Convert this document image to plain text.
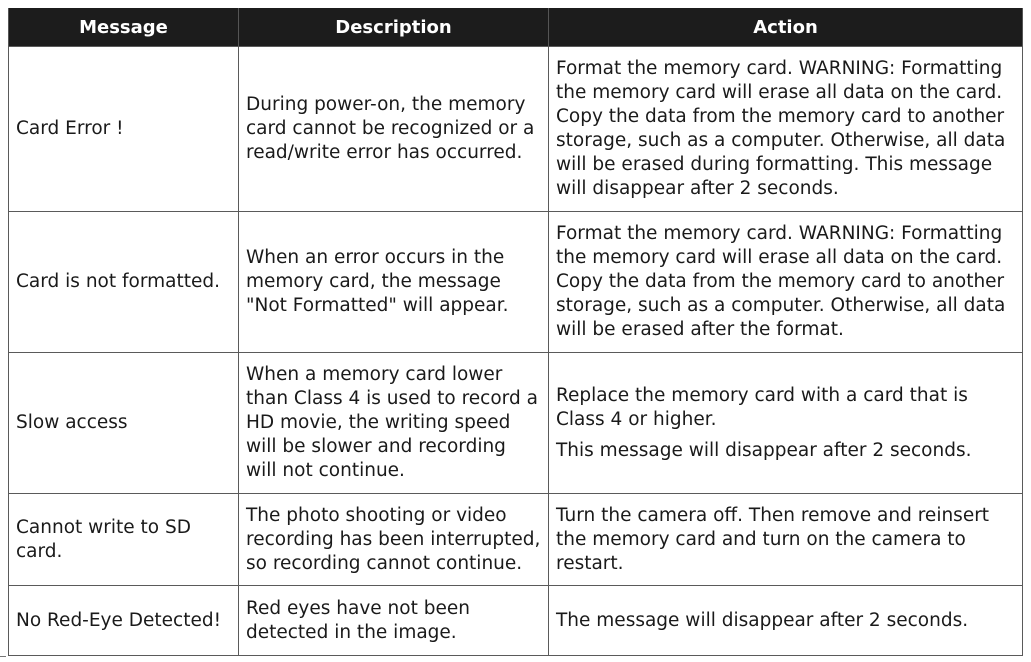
Message	Description	Action
Card Error !	During power-on, the memory card cannot be recognized or a read/write error has occurred.	Format the memory card. WARNING: Formatting the memory card will erase all data on the card. Copy the data from the memory card to another storage, such as a computer. Otherwise, all data will be erased during formatting. This message will disappear after 2 seconds.

Card is not formatted.	When an error occurs in the memory card, the message "Not Formatted" will appear.	Format the memory card. WARNING: Formatting the memory card will erase all data on the card. Copy the data from the memory card to another storage, such as a computer. Otherwise, all data will be erased after the format.

Slow access	When a memory card lower than Class 4 is used to record a HD movie, the writing speed will be slower and recording will not continue.	Replace the memory card with a card that is Class 4 or higher.
This message will disappear after 2 seconds.

Cannot write to SD card.	The photo shooting or video recording has been interrupted, so recording cannot continue.	Turn the camera off. Then remove and reinsert the memory card and turn on the camera to restart.

No Red-Eye Detected!	Red eyes have not been detected in the image.	The message will disappear after 2 seconds.
